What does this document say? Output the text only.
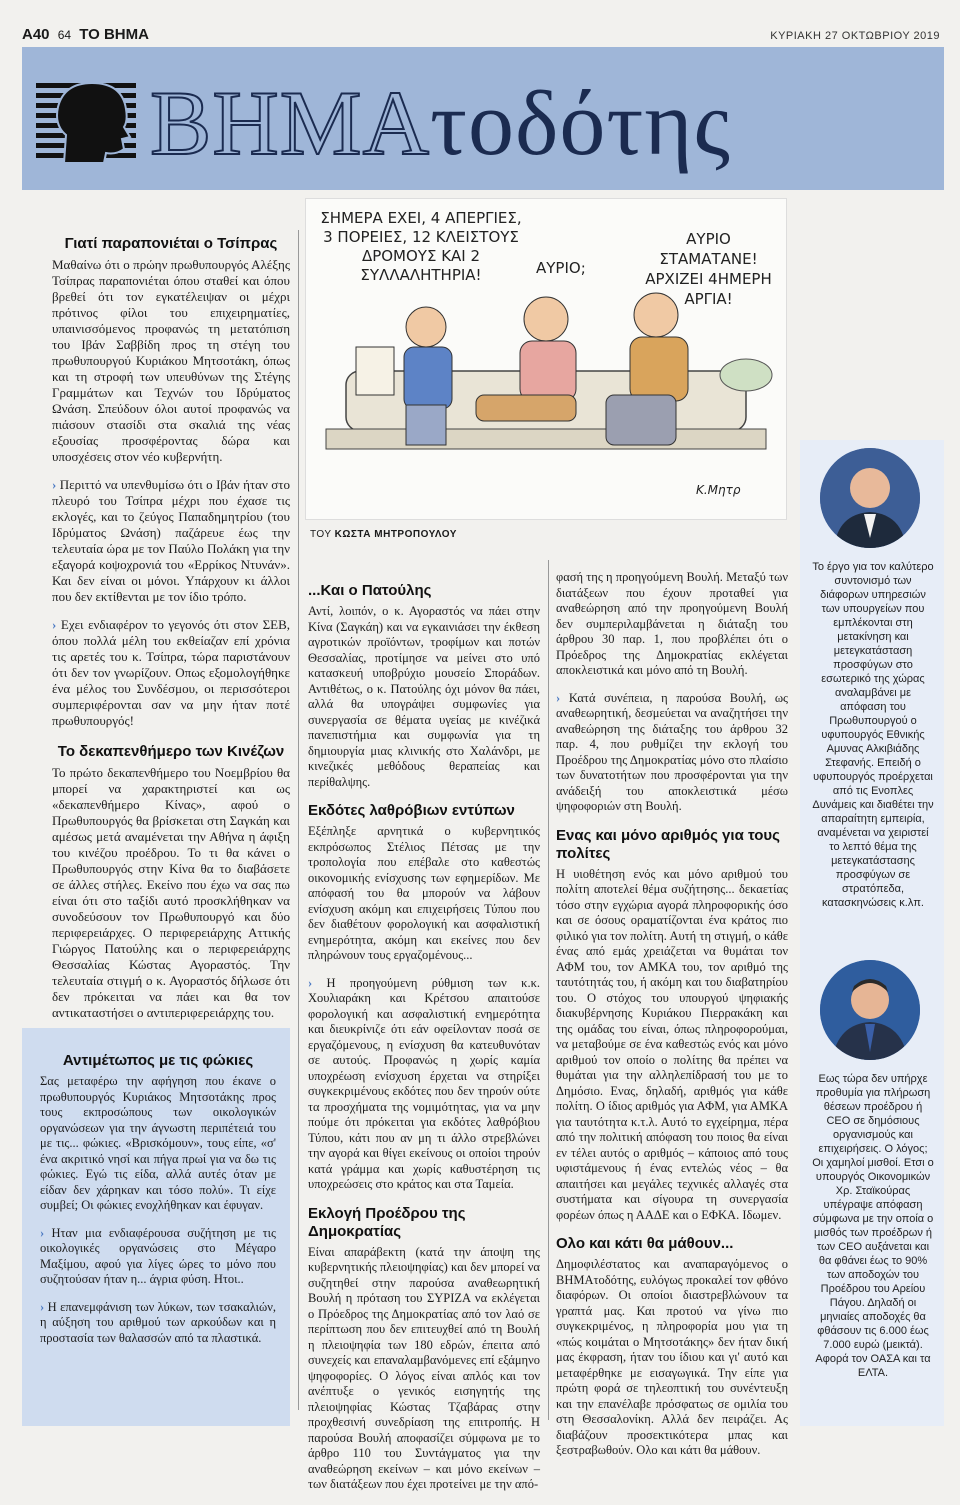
A40 64 ΤΟ ΒΗΜΑ	ΚΥΡΙΑΚΗ 27 ΟΚΤΩΒΡΙΟΥ 2019
ΒΗΜΑτοδότης
Γιατί παραπονιέται ο Τσίπρας

Μαθαίνω ότι ο πρώην πρωθυπουργός Αλέξης Τσίπρας παραπονιέται όπου σταθεί και όπου βρεθεί ότι τον εγκατέλειψαν οι μέχρι πρότινος φίλοι του επιχειρηματίες, υπαινισσόμενος προφανώς τη μετατόπιση του Ιβάν Σαββίδη προς τη στέγη του πρωθυπουργού Κυριάκου Μητσοτάκη, όπως και τη στροφή των υπευθύνων της Στέγης Γραμμάτων και Τεχνών του Ιδρύματος Ωνάση. Σπεύδουν όλοι αυτοί προφανώς να πιάσουν στασίδι στα σκαλιά της νέας εξουσίας προσφέροντας δώρα και υποσχέσεις στον νέο κυβερνήτη.

› Περιττό να υπενθυμίσω ότι ο Ιβάν ήταν στο πλευρό του Τσίπρα μέχρι που έχασε τις εκλογές, και το ζεύγος Παπαδημητρίου (του Ιδρύματος Ωνάση) παζάρευε έως την τελευταία ώρα με τον Παύλο Πολάκη για την εξαγορά κοψοχρονιά του «Ερρίκος Ντυνάν». Και δεν είναι οι μόνοι. Υπάρχουν κι άλλοι που δεν εκτίθενται με τον ίδιο τρόπο.

› Εχει ενδιαφέρον το γεγονός ότι στον ΣΕΒ, όπου πολλά μέλη του εκθείαζαν επί χρόνια τις αρετές του κ. Τσίπρα, τώρα παριστάνουν ότι δεν τον γνωρίζουν. Οπως εξομολογήθηκε ένα μέλος του Συνδέσμου, οι περισσότεροι συμπεριφέρονται σαν να μην ήταν ποτέ πρωθυπουργός!

Το δεκαπενθήμερο των Κινέζων

Το πρώτο δεκαπενθήμερο του Νοεμβρίου θα μπορεί να χαρακτηριστεί και ως «δεκαπενθήμερο Κίνας», αφού ο Πρωθυπουργός θα βρίσκεται στη Σαγκάη και αμέσως μετά αναμένεται την Αθήνα η άφιξη του κινέζου προέδρου. Το τι θα κάνει ο Πρωθυπουργός στην Κίνα θα το διαβάσετε σε άλλες στήλες. Εκείνο που έχω να σας πω είναι ότι στο ταξίδι αυτό προσκλήθηκαν να συνοδεύσουν τον Πρωθυπουργό και δύο περιφερειάρχες. Ο περιφερειάρχης Αττικής Γιώργος Πατούλης και ο περιφερειάρχης Θεσσαλίας Κώστας Αγοραστός. Την τελευταία στιγμή ο κ. Αγοραστός δήλωσε ότι δεν πρόκειται να πάει και θα τον αντικαταστήσει ο αντιπεριφερειάρχης του.

Αντιμέτωπος με τις φώκιες

Σας μεταφέρω την αφήγηση που έκανε ο πρωθυπουργός Κυριάκος Μητσοτάκης προς τους εκπροσώπους των οικολογικών οργανώσεων για την άγνωστη περιπέτειά του με τις... φώκιες. «Βρισκόμουν», τους είπε, «σ' ένα ακριτικό νησί και πήγα πρωί για να δω τις φώκιες. Εγώ τις είδα, αλλά αυτές όταν με είδαν δεν χάρηκαν και τόσο πολύ». Τι είχε συμβεί; Οι φώκιες ενοχλήθηκαν και έφυγαν.

› Ηταν μια ενδιαφέρουσα συζήτηση με τις οικολογικές οργανώσεις στο Μέγαρο Μαξίμου, αφού για λίγες ώρες το μόνο που συζητούσαν ήταν η... άγρια φύση. Ητοι..

› Η επανεμφάνιση των λύκων, των τσακαλιών, η αύξηση του αριθμού των αρκούδων και η προστασία των θαλασσών από τα πλαστικά.

ΣΗΜΕΡΑ ΕΧΕΙ, 4 ΑΠΕΡΓΙΕΣ, 3 ΠΟΡΕΙΕΣ, 12 ΚΛΕΙΣΤΟΥΣ ΔΡΟΜΟΥΣ ΚΑΙ 2 ΣΥΛΛΑΛΗΤΗΡΙΑ!	ΑΥΡΙΟ;
ΑΥΡΙΟ ΣΤΑΜΑΤΑΝΕ! ΑΡΧΙΖΕΙ 4ΗΜΕΡΗ ΑΡΓΙΑ!
Κ.Μητρ
ΤΟΥ ΚΩΣΤΑ ΜΗΤΡΟΠΟΥΛΟΥ
...Και ο Πατούλης

Αντί, λοιπόν, ο κ. Αγοραστός να πάει στην Κίνα (Σαγκάη) και να εγκαινιάσει την έκθεση αγροτικών προϊόντων, τροφίμων και ποτών Θεσσαλίας, προτίμησε να μείνει στο υπό κατασκευή υποβρύχιο μουσείο Σποράδων. Αντιθέτως, ο κ. Πατούλης όχι μόνον θα πάει, αλλά θα υπογράψει συμφωνίες για συνεργασία σε θέματα υγείας με κινέζικά πανεπιστήμια και συμφωνία για τη δημιουργία μιας κλινικής στο Χαλάνδρι, με κινεζικές μεθόδους θεραπείας και περίθαλψης.

Εκδότες λαθρόβιων εντύπων

Εξέπληξε αρνητικά ο κυβερνητικός εκπρόσωπος Στέλιος Πέτσας με την τροπολογία που επέβαλε στο καθεστώς οικονομικής ενίσχυσης των εφημερίδων. Με απόφασή του θα μπορούν να λάβουν ενίσχυση ακόμη και επιχειρήσεις Τύπου που δεν διαθέτουν φορολογική και ασφαλιστική ενημερότητα, ακόμη και εκείνες που δεν πληρώνουν τους εργαζομένους...

› Η προηγούμενη ρύθμιση των κ.κ. Χουλιαράκη και Κρέτσου απαιτούσε φορολογική και ασφαλιστική ενημερότητα και διευκρίνιζε ότι εάν οφείλονταν ποσά σε εργαζόμενους, η ενίσχυση θα κατευθυνόταν σε αυτούς. Προφανώς η χωρίς καμία υποχρέωση ενίσχυση έρχεται να στηρίξει συγκεκριμένους εκδότες που δεν τηρούν ούτε τα προσχήματα της νομιμότητας, για να μην πούμε ότι πρόκειται για εκδότες λαθρόβιου Τύπου, κάτι που αν μη τι άλλο στρεβλώνει την αγορά και θίγει εκείνους οι οποίοι τηρούν κατά γράμμα και χωρίς καθυστέρηση τις υποχρεώσεις στο κράτος και στα Ταμεία.

Εκλογή Προέδρου της Δημοκρατίας

Είναι απαράβεκτη (κατά την άποψη της κυβερνητικής πλειοψηφίας) και δεν μπορεί να συζητηθεί στην παρούσα αναθεωρητική Βουλή η πρόταση του ΣΥΡΙΖΑ να εκλέγεται ο Πρόεδρος της Δημοκρατίας από τον λαό σε περίπτωση που δεν επιτευχθεί από τη Βουλή η πλειοψηφία των 180 εδρών, έπειτα από συνεχείς και επαναλαμβανόμενες επί εξάμηνο ψηφοφορίες. Ο λόγος είναι απλός και τον ανέπτυξε ο γενικός εισηγητής της πλειοψηφίας Κώστας Τζαβάρας στην προχθεσινή συνεδρίαση της επιτροπής. Η παρούσα Βουλή αποφασίζει σύμφωνα με το άρθρο 110 του Συντάγματος για την αναθεώρηση εκείνων – και μόνο εκείνων – των διατάξεων που έχει προτείνει με την από-

φασή της η προηγούμενη Βουλή. Μεταξύ των διατάξεων που έχουν προταθεί για αναθεώρηση από την προηγούμενη Βουλή δεν συμπεριλαμβάνεται η διάταξη του άρθρου 30 παρ. 1, που προβλέπει ότι ο Πρόεδρος της Δημοκρατίας εκλέγεται αποκλειστικά και μόνο από τη Βουλή.

› Κατά συνέπεια, η παρούσα Βουλή, ως αναθεωρητική, δεσμεύεται να αναζητήσει την αναθεώρηση της διάταξης του άρθρου 32 παρ. 4, που ρυθμίζει την εκλογή του Προέδρου της Δημοκρατίας μόνο στο πλαίσιο των δυνατοτήτων που προσφέρονται για την ανάδειξή του αποκλειστικά μέσω ψηφοφοριών στη Βουλή.

Ενας και μόνο αριθμός για τους πολίτες

Η υιοθέτηση ενός και μόνο αριθμού του πολίτη αποτελεί θέμα συζήτησης... δεκαετίας τόσο στην εγχώρια αγορά πληροφορικής όσο και σε όσους οραματίζονται ένα κράτος πιο φιλικό για τον πολίτη. Αυτή τη στιγμή, ο κάθε ένας από εμάς χρειάζεται να θυμάται τον ΑΦΜ του, τον ΑΜΚΑ του, τον αριθμό της ταυτότητάς του, ή ακόμη και του διαβατηρίου του. Ο στόχος του υπουργού ψηφιακής διακυβέρνησης Κυριάκου Πιερρακάκη και της ομάδας του είναι, όπως πληροφορούμαι, να μεταβούμε σε ένα καθεστώς ενός και μόνο αριθμού τον οποίο ο πολίτης θα πρέπει να θυμάται για την αλληλεπίδρασή του με το Δημόσιο. Ενας, δηλαδή, αριθμός για κάθε πολίτη. Ο ίδιος αριθμός για ΑΦΜ, για ΑΜΚΑ για ταυτότητα κ.τ.λ. Αυτό το εγχείρημα, πέρα από την πολιτική απόφαση του ποιος θα είναι εν τέλει αυτός ο αριθμός – κάποιος από τους υφιστάμενους ή ένας εντελώς νέος – θα απαιτήσει και μεγάλες τεχνικές αλλαγές στα συστήματα και σίγουρα τη συνεργασία φορέων όπως η ΑΑΔΕ και ο ΕΦΚΑ. Ιδωμεν.

Ολο και κάτι θα μάθουν...

Δημοφιλέστατος και αναπαραγόμενος ο ΒΗΜΑτοδότης, ευλόγως προκαλεί τον φθόνο διαφόρων. Οι οποίοι διαστρεβλώνουν τα γραπτά μας. Και προτού να γίνω πιο συγκεκριμένος, η πληροφορία μου για τη «πώς κοιμάται ο Μητσοτάκης» δεν ήταν δική μας έκφραση, ήταν του ίδιου και γι' αυτό και μεταφέρθηκε με εισαγωγικά. Την είπε για πρώτη φορά σε τηλεοπτική του συνέντευξη και την επανέλαβε πρόσφατως σε ομιλία του στη Θεσσαλονίκη. Αλλά δεν πειράζει. Ας διαβάζουν προσεκτικότερα μπας και ξεστραβωθούν. Ολο και κάτι θα μάθουν.

Το έργο για τον καλύτερο συντονισμό των διάφορων υπηρεσιών των υπουργείων που εμπλέκονται στη μετακίνηση και μετεγκατάσταση προσφύγων στο εσωτερικό της χώρας αναλαμβάνει με απόφαση του Πρωθυπουργού ο υφυπουργός Εθνικής Αμυνας Αλκιβιάδης Στεφανής. Επειδή ο υφυπουργός προέρχεται από τις Ενοπλες Δυνάμεις και διαθέτει την απαραίτητη εμπειρία, αναμένεται να χειριστεί το λεπτό θέμα της μετεγκατάστασης προσφύγων σε στρατόπεδα, κατασκηνώσεις κ.λπ.
Εως τώρα δεν υπήρχε προθυμία για πλήρωση θέσεων προέδρου ή CEO σε δημόσιους οργανισμούς και επιχειρήσεις. Ο λόγος; Οι χαμηλοί μισθοί. Ετσι ο υπουργός Οικονομικών Χρ. Σταϊκούρας υπέγραψε απόφαση σύμφωνα με την οποία ο μισθός των προέδρων ή των CEO αυξάνεται και θα φθάνει έως το 90% των αποδοχών του Προέδρου του Αρείου Πάγου. Δηλαδή οι μηνιαίες αποδοχές θα φθάσουν τις 6.000 έως 7.000 ευρώ (μεικτά). Αφορά τον ΟΑΣΑ και τα ΕΛΤΑ.
